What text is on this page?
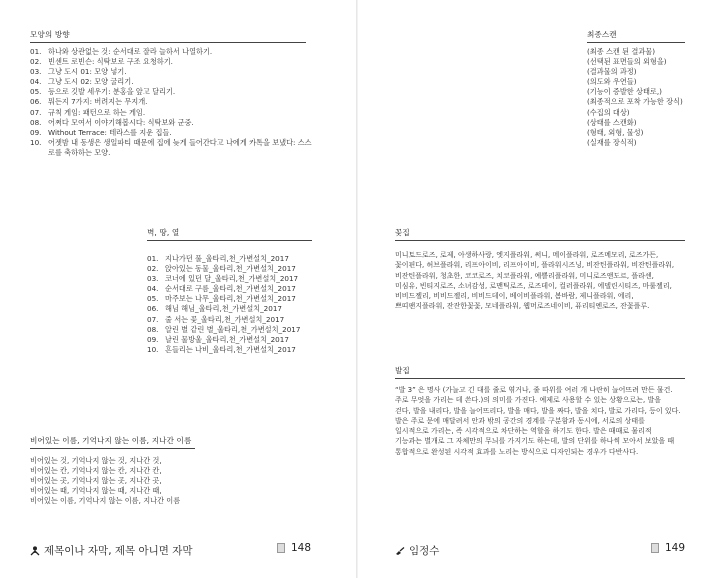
모양의 방향
01. 하나와 상관없는 것: 순서대로 잘라 늘하서 나열하기.
02. 빈센트 로빈슨: 식탁보로 구조 요청하기.
03. 그냥 도시 01: 모양 넣기.
04. 그냥 도시 02: 모양 굴리기.
05. 등으로 깃발 세우기: 분홍을 앞고 달리기.
06. 뭐든지 7가지: 버려지는 무지개.
07. 규칙 게임: 패턴으로 하는 게임.
08. 어쩌다 모여서 이야기해봅시다: 식탁보와 군중.
09. Without Terrace: 테라스를 지운 집들.
10. 어젯밤 내 동생은 생일파티 때문에 집에 늦게 들어간다고 나에게 카톡을 보냈다: 스스로를 축하하는 모양.
벽, 땅, 열
01. 지나가던 풀_울타리,천_가변설치_2017
02. 앉아있는 동물_울타리,천_가변설치_2017
03. 코너에 있던 달_울타리,천_가변설치_2017
04. 순서대로 구름_울타리,천_가변설치_2017
05. 마주보는 나무_울타리,천_가변설치_2017
06. 해님 해님_울타리,천_가변설치_2017
07. 줄 서는 꽃_울타리,천_가변설치_2017
08. 알린 별 같린 별_울타리,천_가변설치_2017
09. 날린 물방울_울타리,천_가변설치_2017
10. 흔들리는 나비_울타리,천_가변설치_2017
비어있는 이름, 기억나지 않는 이름, 지나간 이름
비어있는 것, 기억나지 않는 것, 지나간 것,
비어있는 칸, 기억나지 않는 칸, 지나간 칸,
비어있는 곳, 기억나지 않는 곳, 지나간 곳,
비어있는 때, 기억나지 않는 때, 지나간 때,
비어있는 이름, 기억나지 않는 이름, 지나간 이름
제목이나 자막, 제목 아니면 자막	148
최종스캔
(최종 스캔 된 결과물)
(선택된 표면들의 외형을)
(결과물의 과정)
(의도와 우연들)
(기능이 증발한 상태로,)
(최종적으로 포착 가능한 장식)
(수집의 대상)
(상태를 스캔화)
(형태, 외형, 물성)
(실재를 장식적)
꽃집
미니토드로즈, 로제, 아생하사랑, 엣지플라워, 써니, 메이플라워, 로즈메모리, 로즈가든,
꽃이핀다, 허브플라워, 리프아이비, 리프아이비, 플라워시즈닝, 비잔틴플라워, 비잔틴플라워,
비잔틴플라워, 청초한, 코코로즈, 치코플라워, 예쁠리플라워, 미니로즈앤도르, 플라센,
미심유, 빈티지로즈, 소녀감성, 로맨틱로즈, 로즈데이, 컬러플라워, 에델린시티즈, 마룰젤리,
비비드젤리, 비비드젤리, 비비드데이, 베이비플라워, 봄바람, 제니플라워, 에리,
쁘띠팬지플라워, 잔잔한꽃꽃, 모네플라워, 웹머로즈네이비, 퓨리티엔로즈, 잔꽃플루.
발집
“발 3” 은 명사 (가늘고 긴 대를 줄로 엮거나, 줄 따위를 여러 개 나란히 늘어뜨려 만든 물건.
주로 무엇을 가리는 데 쓴다.)의 의미를 가진다. 예제로 사용할 수 있는 상황으로는, 발을
걷다, 발을 내리다, 발을 늘어뜨리다, 발을 매다, 발을 짜다, 발을 치다, 발로 가리다, 등이 있다.
발은 주로 문에 매달려서 안과 밖의 공간의 경계를 구분함과 동시에, 서로의 상태를
일시적으로 가리는, 즉 시각적으로 차단하는 역할을 하기도 한다. 발은 때때로 물리적
기능과는 별개로 그 자체만의 무늬를 가지기도 하는데, 발의 단위를 하나씩 모아서 보았을 때
통합적으로 완성된 시각적 효과를 노리는 방식으로 디자인되는 경우가 다반사다.
임정수	149
